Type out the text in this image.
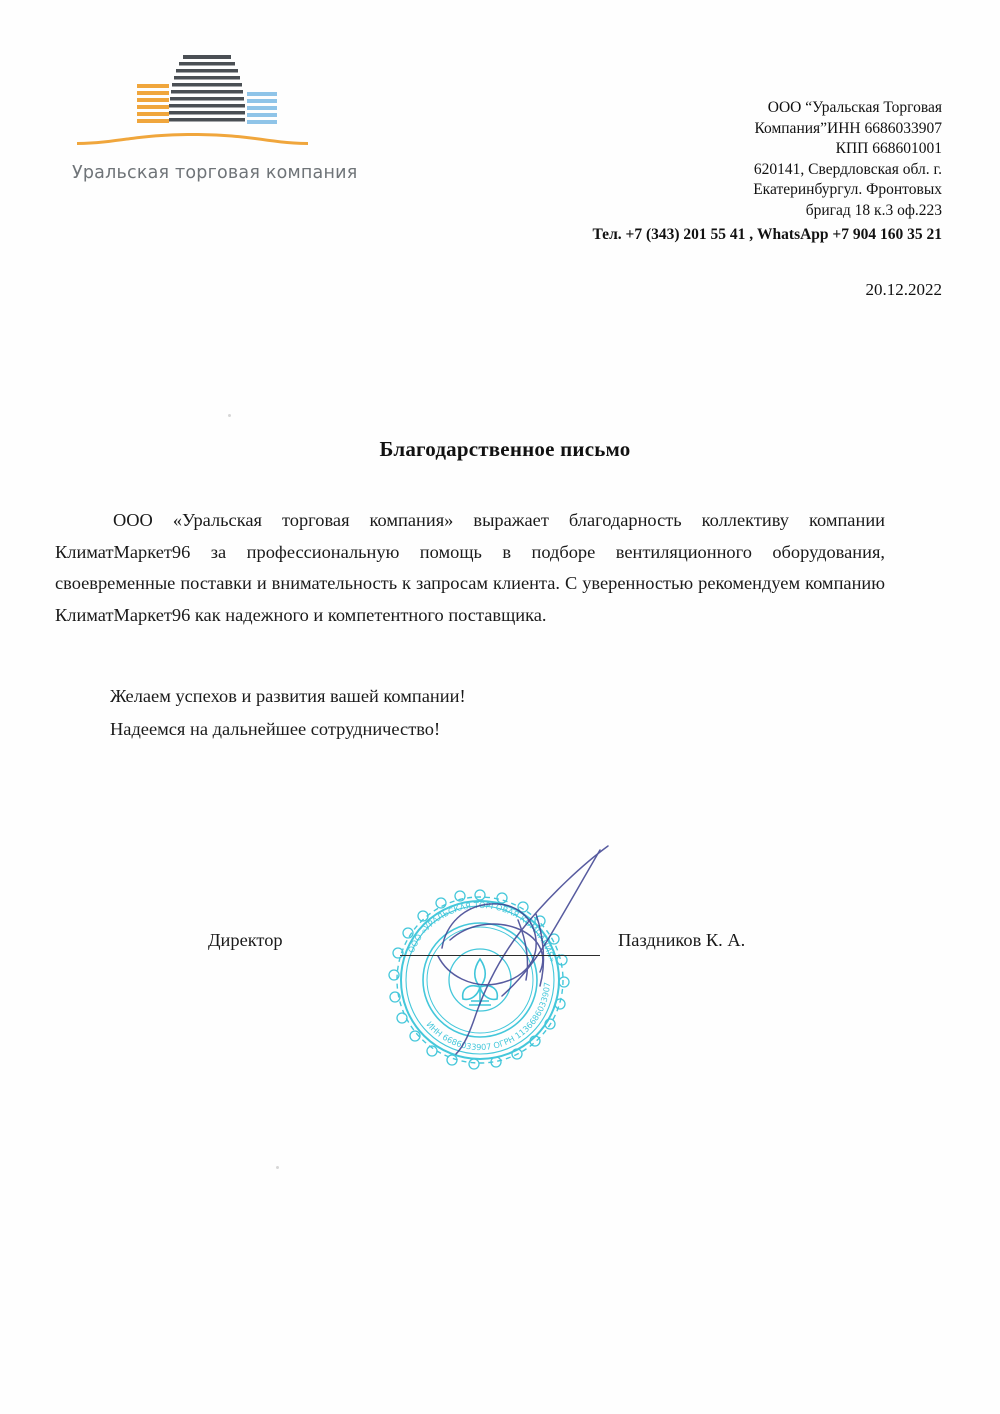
Уральская торговая компания
ООО “Уральская Торговая
Компания”ИНН 6686033907
КПП 668601001
620141, Свердловская обл. г.
Екатеринбургул. Фронтовых
бригад 18 к.3 оф.223
Тел. +7 (343) 201 55 41 , WhatsApp +7 904 160 35 21
20.12.2022
Благодарственное письмо

ООО «Уральская торговая компания» выражает благодарность коллективу компании КлиматМаркет96 за профессиональную помощь в подборе вентиляционного оборудования, своевременные поставки и внимательность к запросам клиента. С уверенностью рекомендуем компанию КлиматМаркет96 как надежного и компетентного поставщика.

Желаем успехов и развития вашей компании!

Надеемся на дальнейшее сотрудничество!

ООО «УРАЛЬСКАЯ ТОРГОВАЯ КОМПАНИЯ»
ИНН 6686033907 ОГРН 1136686033907
Директор	Паздников К. А.
